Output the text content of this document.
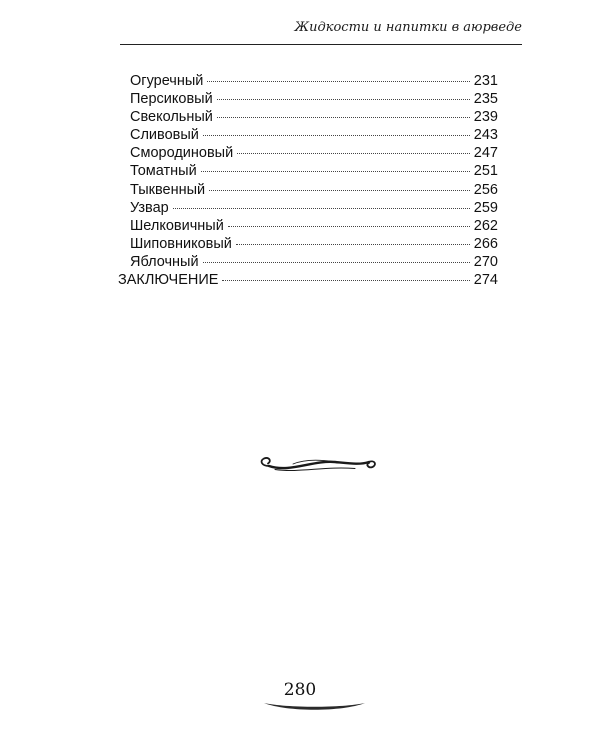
Жидкости и напитки в аюрведе
Огуречный	231
Персиковый	235
Свекольный	239
Сливовый	243
Смородиновый	247
Томатный	251
Тыквенный	256
Узвар	259
Шелковичный	262
Шиповниковый	266
Яблочный	270
ЗАКЛЮЧЕНИЕ	274
280
